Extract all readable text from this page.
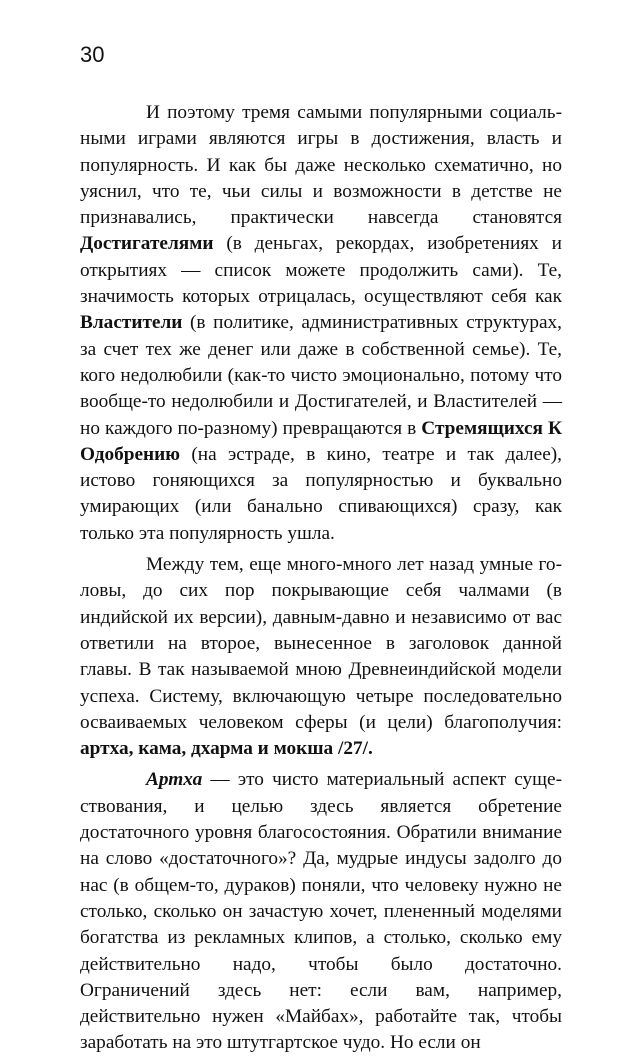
30

И поэтому тремя самыми популярными социальными играми являются игры в достижения, власть и популярность. И как бы даже несколько схематично, но уяснил, что те, чьи силы и возможности в детстве не признавались, практически навсегда становятся Достигателями (в деньгах, рекордах, изобретениях и открытиях — список можете продолжить сами). Те, значимость которых отрицалась, осуществляют себя как Властители (в политике, административных структурах, за счет тех же денег или даже в собственной семье). Те, кого недолюбили (как-то чисто эмоционально, потому что вообще-то недолюбили и Достигателей, и Властителей — но каждого по-разному) превращаются в Стремящихся К Одобрению (на эстраде, в кино, театре и так далее), истово гоняющихся за популярностью и буквально умирающих (или банально спивающихся) сразу, как только эта популярность ушла.

Между тем, еще много-много лет назад умные головы, до сих пор покрывающие себя чалмами (в индийской их версии), давным-давно и независимо от вас ответили на второе, вынесенное в заголовок данной главы. В так называемой мною Древнеиндийской модели успеха. Систему, включающую четыре последовательно осваиваемых человеком сферы (и цели) благополучия: артха, кама, дхарма и мокша /27/.

Артха — это чисто материальный аспект существования, и целью здесь является обретение достаточного уровня благосостояния. Обратили внимание на слово «достаточного»? Да, мудрые индусы задолго до нас (в общем-то, дураков) поняли, что человеку нужно не столько, сколько он зачастую хочет, плененный моделями богатства из рекламных клипов, а столько, сколько ему действительно надо, чтобы было достаточно. Ограничений здесь нет: если вам, например, действительно нужен «Майбах», работайте так, чтобы заработать на это штутгартское чудо. Но если он
